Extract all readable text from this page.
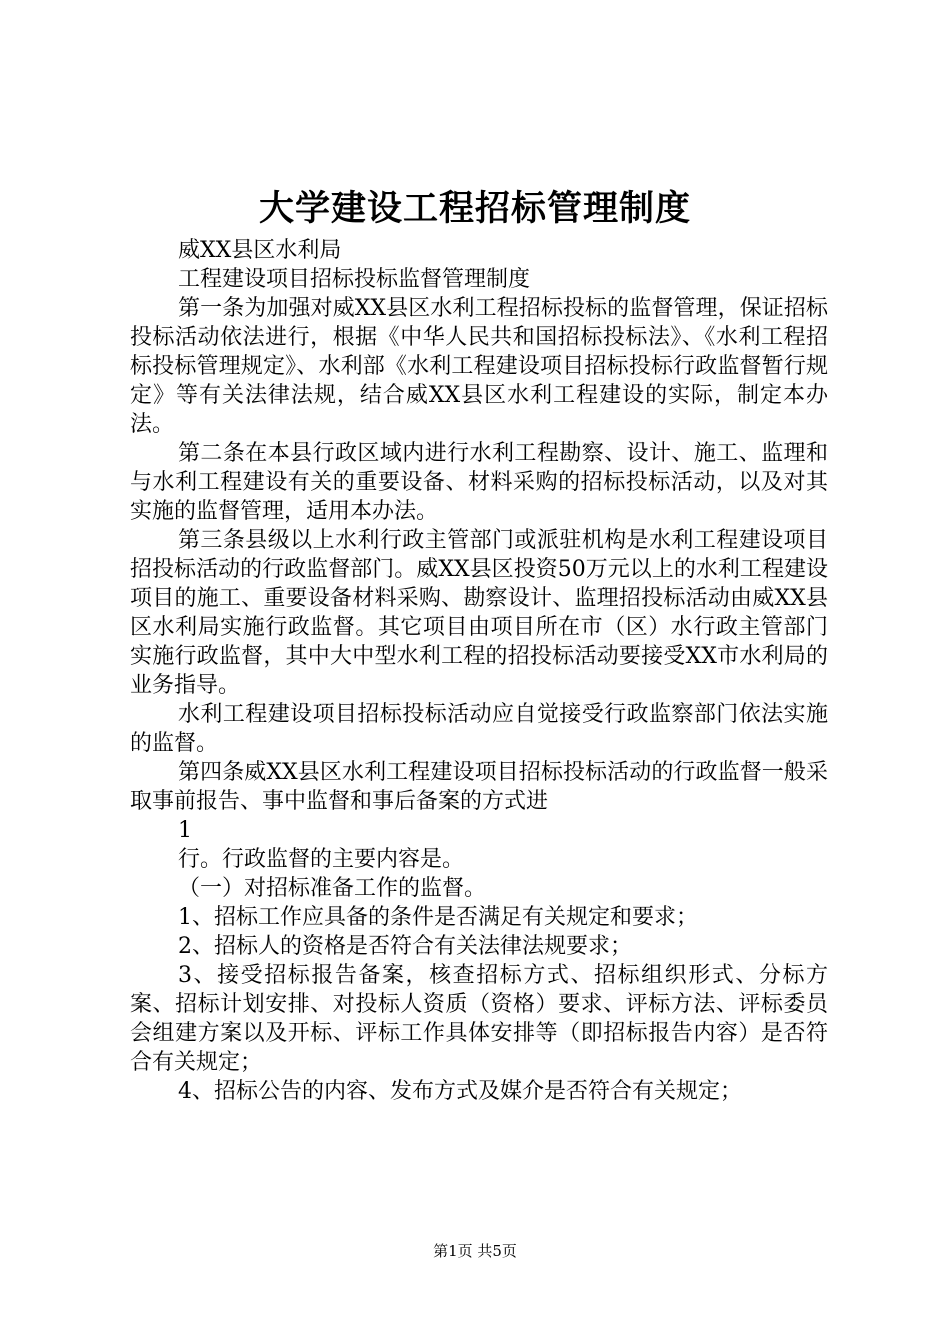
大学建设工程招标管理制度

威XX县区水利局

工程建设项目招标投标监督管理制度

第一条为加强对威XX县区水利工程招标投标的监督管理，保证招标投标活动依法进行，根据《中华人民共和国招标投标法》、《水利工程招标投标管理规定》、水利部《水利工程建设项目招标投标行政监督暂行规定》等有关法律法规，结合威XX县区水利工程建设的实际，制定本办法。

第二条在本县行政区域内进行水利工程勘察、设计、施工、监理和与水利工程建设有关的重要设备、材料采购的招标投标活动，以及对其实施的监督管理，适用本办法。

第三条县级以上水利行政主管部门或派驻机构是水利工程建设项目招投标活动的行政监督部门。威XX县区投资50万元以上的水利工程建设项目的施工、重要设备材料采购、勘察设计、监理招投标活动由威XX县区水利局实施行政监督。其它项目由项目所在市（区）水行政主管部门实施行政监督，其中大中型水利工程的招投标活动要接受XX市水利局的业务指导。

水利工程建设项目招标投标活动应自觉接受行政监察部门依法实施的监督。

第四条威XX县区水利工程建设项目招标投标活动的行政监督一般采取事前报告、事中监督和事后备案的方式进

1

行。行政监督的主要内容是。

（一）对招标准备工作的监督。

1、招标工作应具备的条件是否满足有关规定和要求；

2、招标人的资格是否符合有关法律法规要求；

3、接受招标报告备案，核查招标方式、招标组织形式、分标方案、招标计划安排、对投标人资质（资格）要求、评标方法、评标委员会组建方案以及开标、评标工作具体安排等（即招标报告内容）是否符合有关规定；

4、招标公告的内容、发布方式及媒介是否符合有关规定；

第1页 共5页
